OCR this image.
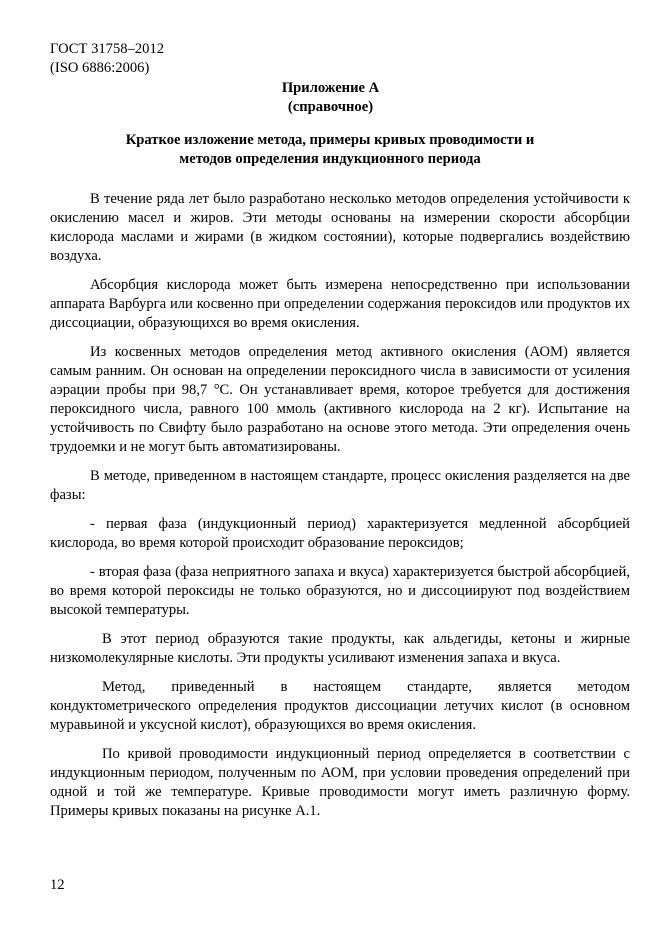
ГОСТ 31758–2012
(ISO 6886:2006)
Приложение А
(справочное)
Краткое изложение метода, примеры кривых проводимости и
методов определения индукционного периода

В течение ряда лет было разработано несколько методов определения устойчивости к окислению масел и жиров. Эти методы основаны на измерении скорости абсорбции кислорода маслами и жирами (в жидком состоянии), которые подвергались воздействию воздуха.

Абсорбция кислорода может быть измерена непосредственно при использовании аппарата Варбурга или косвенно при определении содержания пероксидов или продуктов их диссоциации, образующихся во время окисления.

Из косвенных методов определения метод активного окисления (АОМ) является самым ранним. Он основан на определении пероксидного числа в зависимости от усиления аэрации пробы при 98,7 °С. Он устанавливает время, которое требуется для достижения пероксидного числа, равного 100 ммоль (активного кислорода на 2 кг). Испытание на устойчивость по Свифту было разработано на основе этого метода. Эти определения очень трудоемки и не могут быть автоматизированы.

В методе, приведенном в настоящем стандарте, процесс окисления разделяется на две фазы:

- первая фаза (индукционный период) характеризуется медленной абсорбцией кислорода, во время которой происходит образование пероксидов;

- вторая фаза (фаза неприятного запаха и вкуса) характеризуется быстрой абсорбцией, во время которой пероксиды не только образуются, но и диссоциируют под воздействием высокой температуры.

В этот период образуются такие продукты, как альдегиды, кетоны и жирные низкомолекулярные кислоты. Эти продукты усиливают изменения запаха и вкуса.

Метод, приведенный в настоящем стандарте, является методом кондуктометрического определения продуктов диссоциации летучих кислот (в основном муравьиной и уксусной кислот), образующихся во время окисления.

По кривой проводимости индукционный период определяется в соответствии с индукционным периодом, полученным по АОМ, при условии проведения определений при одной и той же температуре. Кривые проводимости могут иметь различную форму. Примеры кривых показаны на рисунке А.1.

12
